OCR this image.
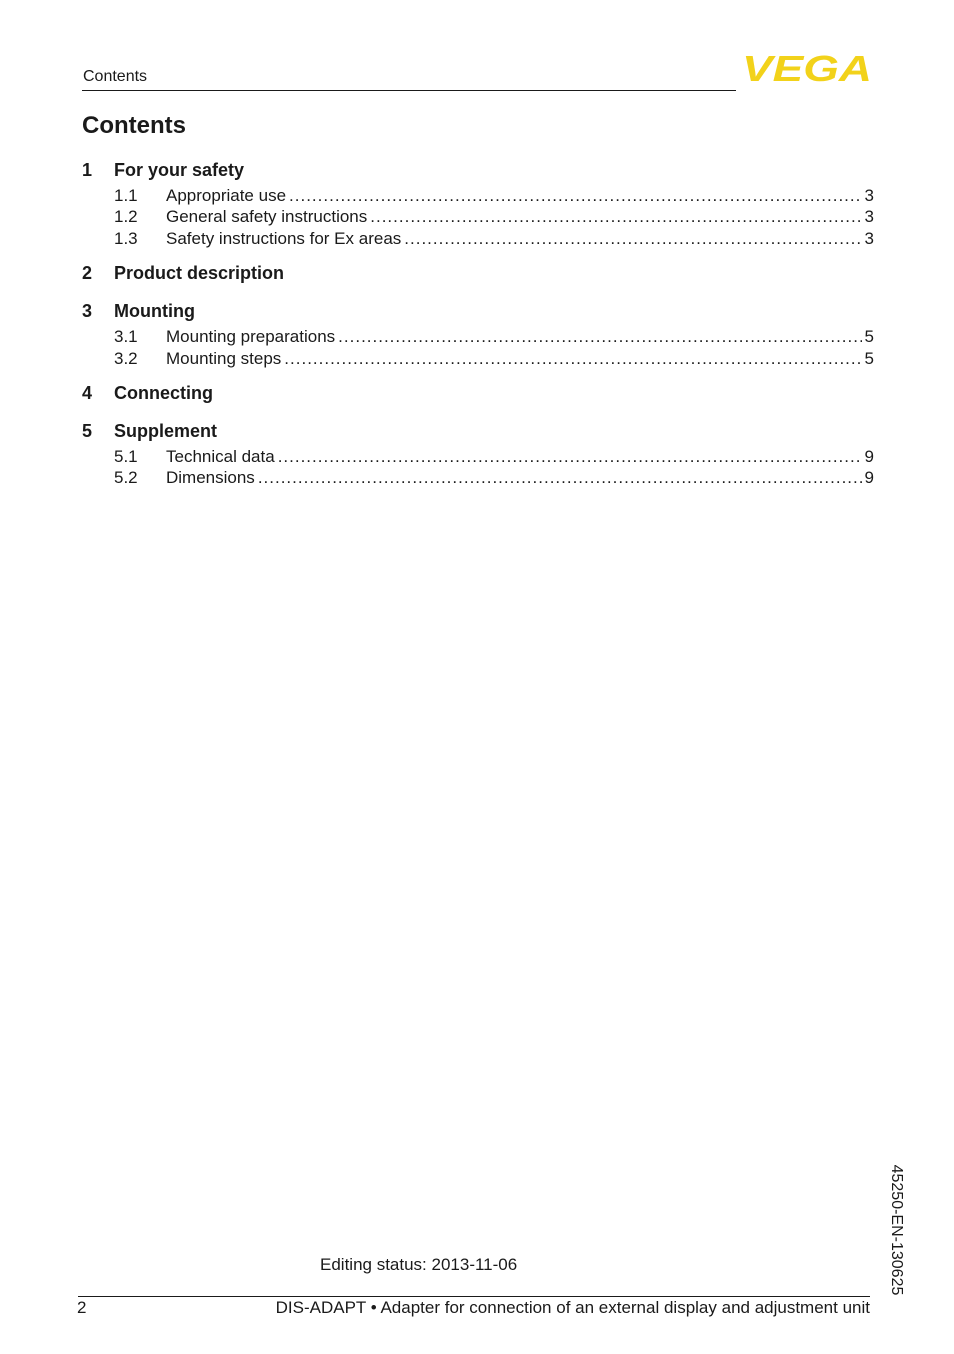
Contents	VEGA
Contents
1 For your safety
1.1 Appropriate use .....	3
1.2 General safety instructions .....	3
1.3 Safety instructions for Ex areas .....	3
2 Product description
3 Mounting
3.1 Mounting preparations .....	5
3.2 Mounting steps .....	5
4 Connecting
5 Supplement
5.1 Technical data .....	9
5.2 Dimensions .....	9
45250-EN-130625
Editing status: 2013-11-06
2	DIS-ADAPT • Adapter for connection of an external display and adjustment unit
